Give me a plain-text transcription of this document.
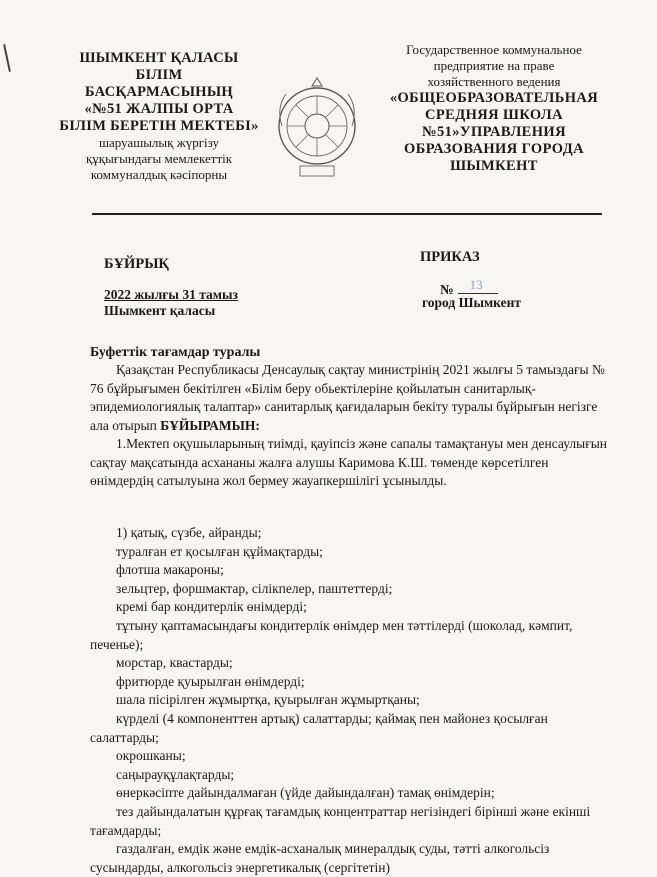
ШЫМКЕНТ ҚАЛАСЫ
БІЛІМ
БАСҚАРМАСЫНЫҢ
«№51 ЖАЛПЫ ОРТА
БІЛІМ БЕРЕТІН МЕКТЕБІ»
шаруашылық жүргізу
құқығындағы мемлекеттік
коммуналдық кәсіпорны
Государственное коммунальное
предприятие на праве
хозяйственного ведения
«ОБЩЕОБРАЗОВАТЕЛЬНАЯ
СРЕДНЯЯ ШКОЛА
№51»УПРАВЛЕНИЯ
ОБРАЗОВАНИЯ ГОРОДА
ШЫМКЕНТ
БҰЙРЫҚ	ПРИКАЗ
2022 жылғы 31 тамыз
Шымкент қаласы
№ 13
город Шымкент
Буфеттік тағамдар туралы

Қазақстан Республикасы Денсаулық сақтау министрінің 2021 жылғы 5 тамыздағы № 76 бұйрығымен бекітілген «Білім беру обьектілеріне қойылатын санитарлық-эпидемиологиялық талаптар» санитарлық қағидаларын бекіту туралы бұйрығын негізге ала отырып БҰЙЫРАМЫН:

1.Мектеп оқушыларының тиімді, қауіпсіз және сапалы тамақтануы мен денсаулығын сақтау мақсатында асхананы жалға алушы Каримова К.Ш. төменде көрсетілген өнімдердің сатылуына жол бермеу жауапкершілігі ұсынылды.

1) қатық, сүзбе, айранды;
туралған ет қосылған құймақтарды;
флотша макароны;
зельцтер, форшмактар, сілікпелер, паштеттерді;
кремі бар кондитерлік өнімдерді;
тұтыну қаптамасындағы кондитерлік өнімдер мен тәттілерді (шоколад, кәмпит, печенье);
морстар, квастарды;
фритюрде қуырылған өнімдерді;
шала пісірілген жұмыртқа, қуырылған жұмыртқаны;
күрделі (4 компоненттен артық) салаттарды; қаймақ пен майонез қосылған салаттарды;
окрошканы;
саңырауқұлақтарды;
өнеркәсіпте дайындалмаған (үйде дайындалған) тамақ өнімдерін;
тез дайындалатын құрғақ тағамдық концентраттар негізіндегі бірінші және екінші тағамдарды;
газдалған, емдік және емдік-асханалық минералдық суды, тәтті алкогольсіз сусындарды, алкогольсіз энергетикалық (сергітетін)
